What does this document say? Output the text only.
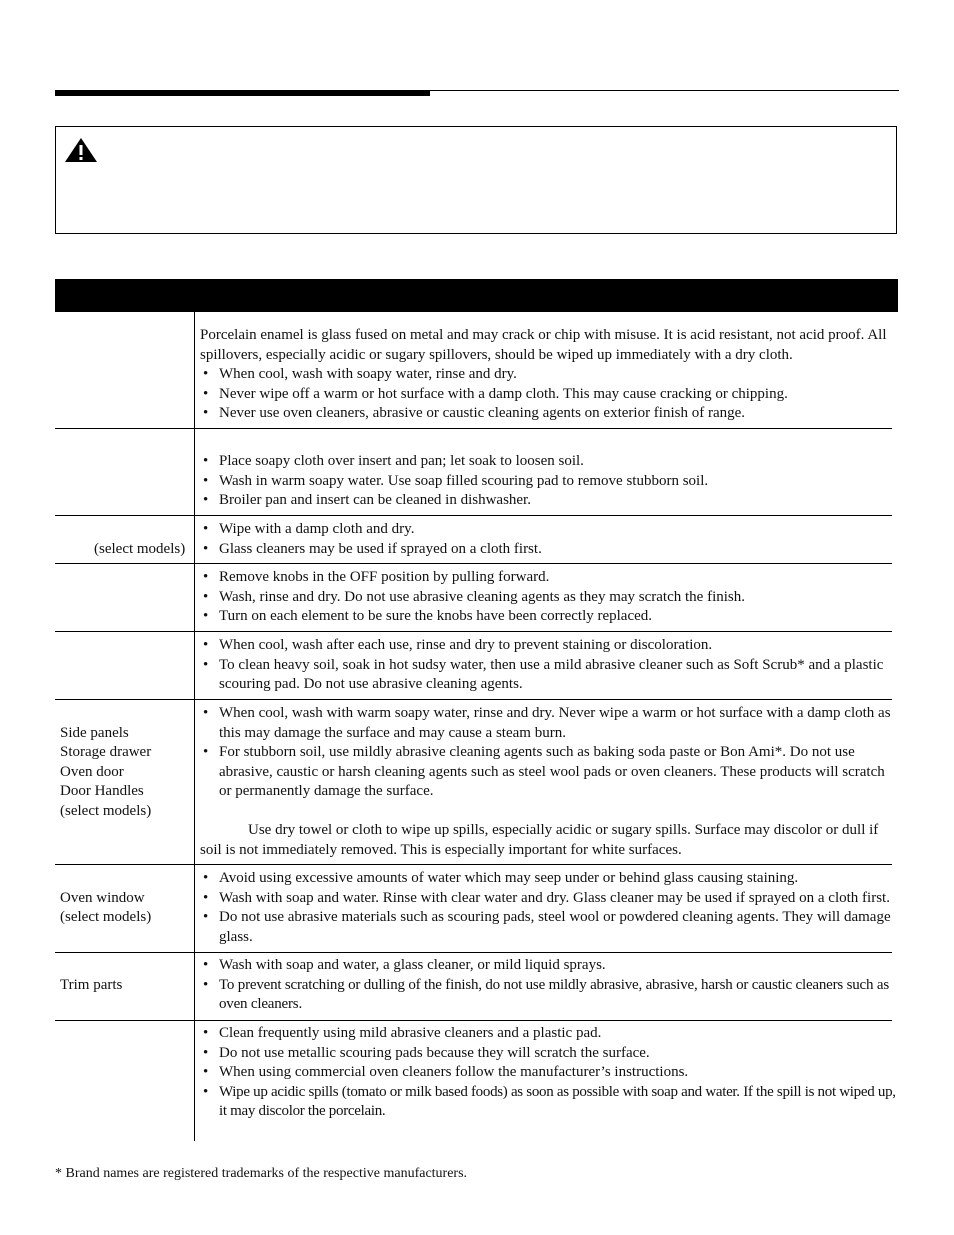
Porcelain enamel is glass fused on metal and may crack or chip with misuse. It is acid resistant, not acid proof. All spillovers, especially acidic or sugary spillovers, should be wiped up immediately with a dry cloth.

• When cool, wash with soapy water, rinse and dry.
• Never wipe off a warm or hot surface with a damp cloth. This may cause cracking or chipping.
• Never use oven cleaners, abrasive or caustic cleaning agents on exterior finish of range.
• Place soapy cloth over insert and pan; let soak to loosen soil.
• Wash in warm soapy water. Use soap filled scouring pad to remove stubborn soil.
• Broiler pan and insert can be cleaned in dishwasher.
(select models)
• Wipe with a damp cloth and dry.
• Glass cleaners may be used if sprayed on a cloth first.
• Remove knobs in the OFF position by pulling forward.
• Wash, rinse and dry. Do not use abrasive cleaning agents as they may scratch the finish.
• Turn on each element to be sure the knobs have been correctly replaced.
• When cool, wash after each use, rinse and dry to prevent staining or discoloration.
• To clean heavy soil, soak in hot sudsy water, then use a mild abrasive cleaner such as Soft Scrub* and a plastic scouring pad. Do not use abrasive cleaning agents.
Side panels
Storage drawer
Oven door
Door Handles
(select models)
• When cool, wash with warm soapy water, rinse and dry. Never wipe a warm or hot surface with a damp cloth as this may damage the surface and may cause a steam burn.
• For stubborn soil, use mildly abrasive cleaning agents such as baking soda paste or Bon Ami*. Do not use abrasive, caustic or harsh cleaning agents such as steel wool pads or oven cleaners. These products will scratch or permanently damage the surface.

Use dry towel or cloth to wipe up spills, especially acidic or sugary spills. Surface may discolor or dull if soil is not immediately removed. This is especially important for white surfaces.

Oven window
(select models)
• Avoid using excessive amounts of water which may seep under or behind glass causing staining.
• Wash with soap and water. Rinse with clear water and dry. Glass cleaner may be used if sprayed on a cloth first.
• Do not use abrasive materials such as scouring pads, steel wool or powdered cleaning agents. They will damage glass.
Trim parts
• Wash with soap and water, a glass cleaner, or mild liquid sprays.
• To prevent scratching or dulling of the finish, do not use mildly abrasive, abrasive, harsh or caustic cleaners such as oven cleaners.
• Clean frequently using mild abrasive cleaners and a plastic pad.
• Do not use metallic scouring pads because they will scratch the surface.
• When using commercial oven cleaners follow the manufacturer’s instructions.
• Wipe up acidic spills (tomato or milk based foods) as soon as possible with soap and water. If the spill is not wiped up, it may discolor the porcelain.
* Brand names are registered trademarks of the respective manufacturers.
